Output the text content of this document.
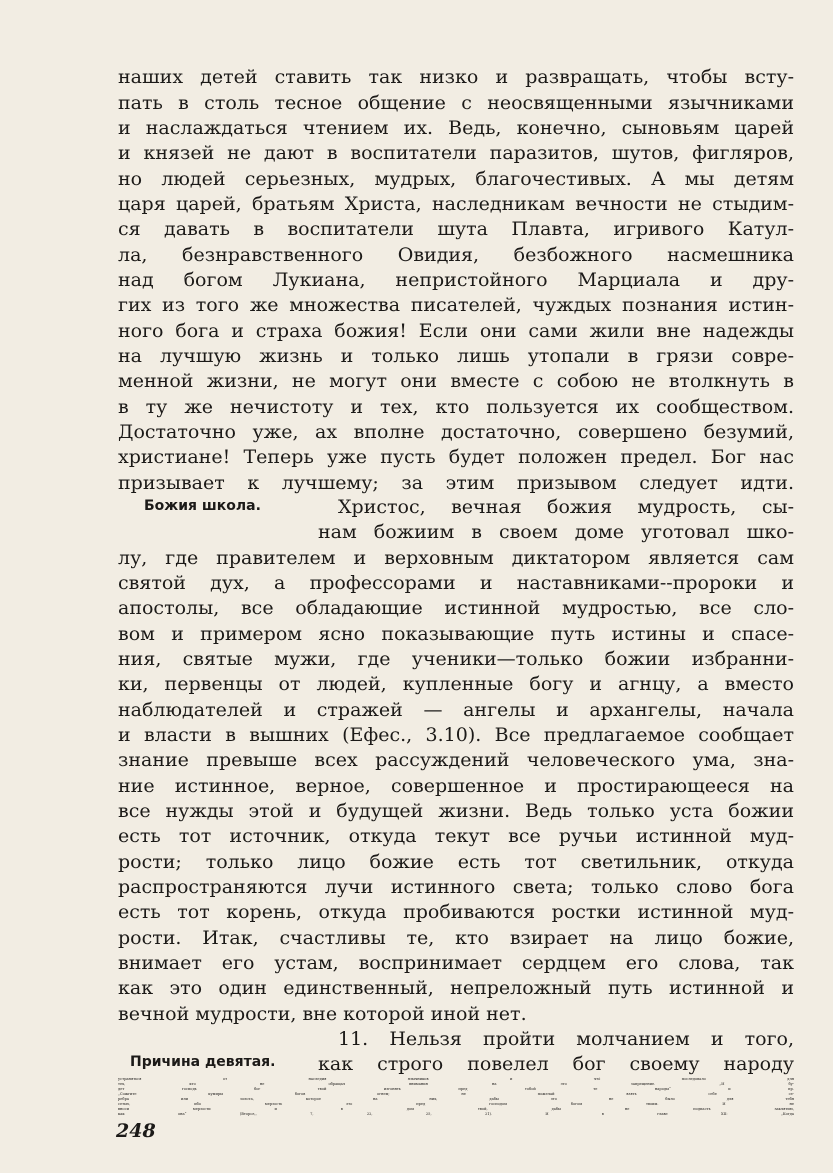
наших детей ставить так низко и развращать, чтобы всту-
пать в столь тесное общение с неосвященными язычниками
и наслаждаться чтением их. Ведь, конечно, сыновьям царей
и князей не дают в воспитатели паразитов, шутов, фигляров,
но людей серьезных, мудрых, благочестивых. А мы детям
царя царей, братьям Христа, наследникам вечности не стыдим-
ся давать в воспитатели шута Плавта, игривого Катул-
ла, безнравственного Овидия, безбожного насмешника
над богом Лукиана, непристойного Марциала и дру-
гих из того же множества писателей, чуждых познания истин-
ного бога и страха божия! Если они сами жили вне надежды
на лучшую жизнь и только лишь утопали в грязи совре-
менной жизни, не могут они вместе с собою не втолкнуть в
в ту же нечистоту и тех, кто пользуется их сообществом.
Достаточно уже, ах вполне достаточно, совершено безумий,
христиане! Теперь уже пусть будет положен предел. Бог нас
призывает к лучшему; за этим призывом следует идти.
Божия школа.	Христос, вечная божия мудрость, сы-
нам божиим в своем доме уготовал шко-
лу, где правителем и верховным диктатором является сам
святой дух, а профессорами и наставниками--пророки и
апостолы, все обладающие истинной мудростью, все сло-
вом и примером ясно показывающие путь истины и спасе-
ния, святые мужи, где ученики—только божии избранни-
ки, первенцы от людей, купленные богу и агнцу, а вместо
наблюдателей и стражей — ангелы и архангелы, начала
и власти в вышних (Ефес., 3.10). Все предлагаемое сообщает
знание превыше всех рассуждений человеческого ума, зна-
ние истинное, верное, совершенное и простирающееся на
все нужды этой и будущей жизни. Ведь только уста божии
есть тот источник, откуда текут все ручьи истинной муд-
рости; только лицо божие есть тот светильник, откуда
распространяются лучи истинного света; только слово бога
есть тот корень, откуда пробиваются ростки истинной муд-
рости. Итак, счастливы те, кто взирает на лицо божие,
внимает его устам, воспринимает сердцем его слова, так
как это один единственный, непреложный путь истинной и
вечной мудрости, вне которой иной нет.
11. Нельзя пройти молчанием и того,
Причина девятая. как строго повелел бог своему народу
248
устраняться от наследия язычников и что́ последовало для
тех, кто не обращал внимания на это запрещение. „И бу-
дет господь бог твой изгонять пред тобой те народы“ и пр.
„Сожгите кумиры богов огнем; не пожелай взять себе се-
ребра или золота, которое на них, дабы это не было для тебя
сетью, ибо мерзость это пред господом богом твоим. И не
вноси мерзости и в дом твой, дабы не подпасть заклятию,
как она“ (Второз,, 7, 22, 25, 21). И в главе XII: „Когда
